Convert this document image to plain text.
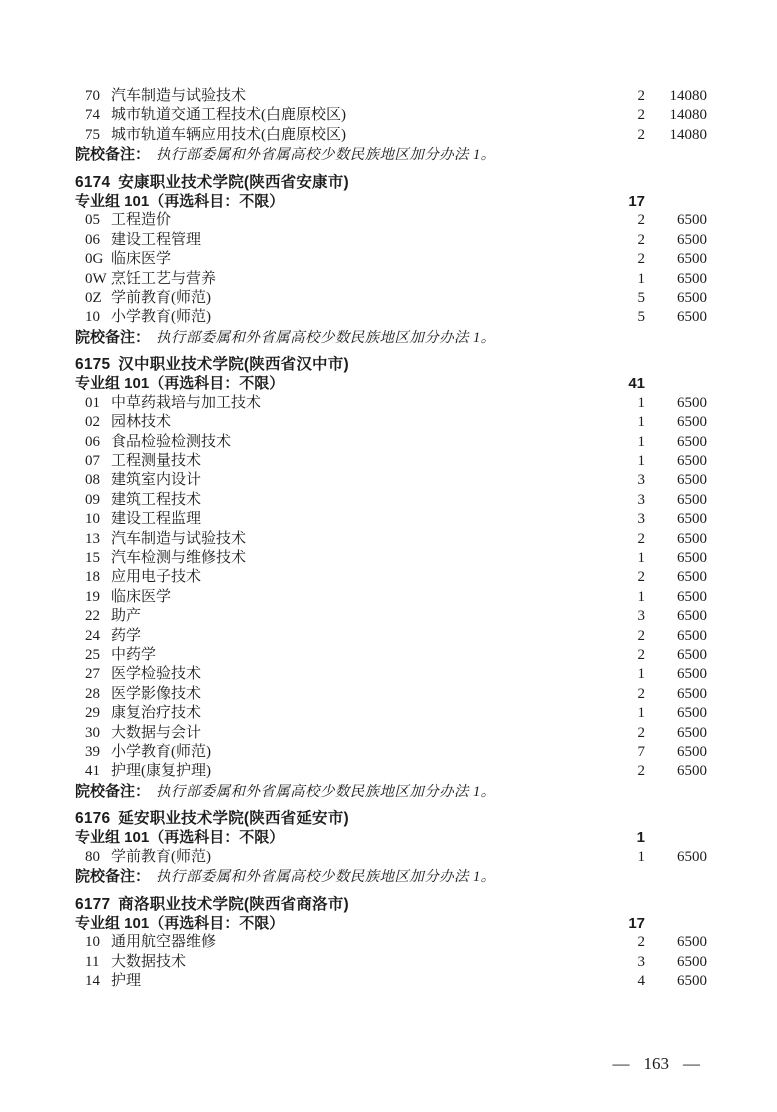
70 汽车制造与试验技术	2	14080
74 城市轨道交通工程技术(白鹿原校区)	2	14080
75 城市轨道车辆应用技术(白鹿原校区)	2	14080
院校备注： 执行部委属和外省属高校少数民族地区加分办法 1。
6174 安康职业技术学院(陕西省安康市)
专业组 101（再选科目：不限）	17
05 工程造价	2	6500
06 建设工程管理	2	6500
0G 临床医学	2	6500
0W 烹饪工艺与营养	1	6500
0Z 学前教育(师范)	5	6500
10 小学教育(师范)	5	6500
院校备注： 执行部委属和外省属高校少数民族地区加分办法 1。
6175 汉中职业技术学院(陕西省汉中市)
专业组 101（再选科目：不限）	41
01 中草药栽培与加工技术	1	6500
02 园林技术	1	6500
06 食品检验检测技术	1	6500
07 工程测量技术	1	6500
08 建筑室内设计	3	6500
09 建筑工程技术	3	6500
10 建设工程监理	3	6500
13 汽车制造与试验技术	2	6500
15 汽车检测与维修技术	1	6500
18 应用电子技术	2	6500
19 临床医学	1	6500
22 助产	3	6500
24 药学	2	6500
25 中药学	2	6500
27 医学检验技术	1	6500
28 医学影像技术	2	6500
29 康复治疗技术	1	6500
30 大数据与会计	2	6500
39 小学教育(师范)	7	6500
41 护理(康复护理)	2	6500
院校备注： 执行部委属和外省属高校少数民族地区加分办法 1。
6176 延安职业技术学院(陕西省延安市)
专业组 101（再选科目：不限）	1
80 学前教育(师范)	1	6500
院校备注： 执行部委属和外省属高校少数民族地区加分办法 1。
6177 商洛职业技术学院(陕西省商洛市)
专业组 101（再选科目：不限）	17
10 通用航空器维修	2	6500
11 大数据技术	3	6500
14 护理	4	6500
— 163 —
